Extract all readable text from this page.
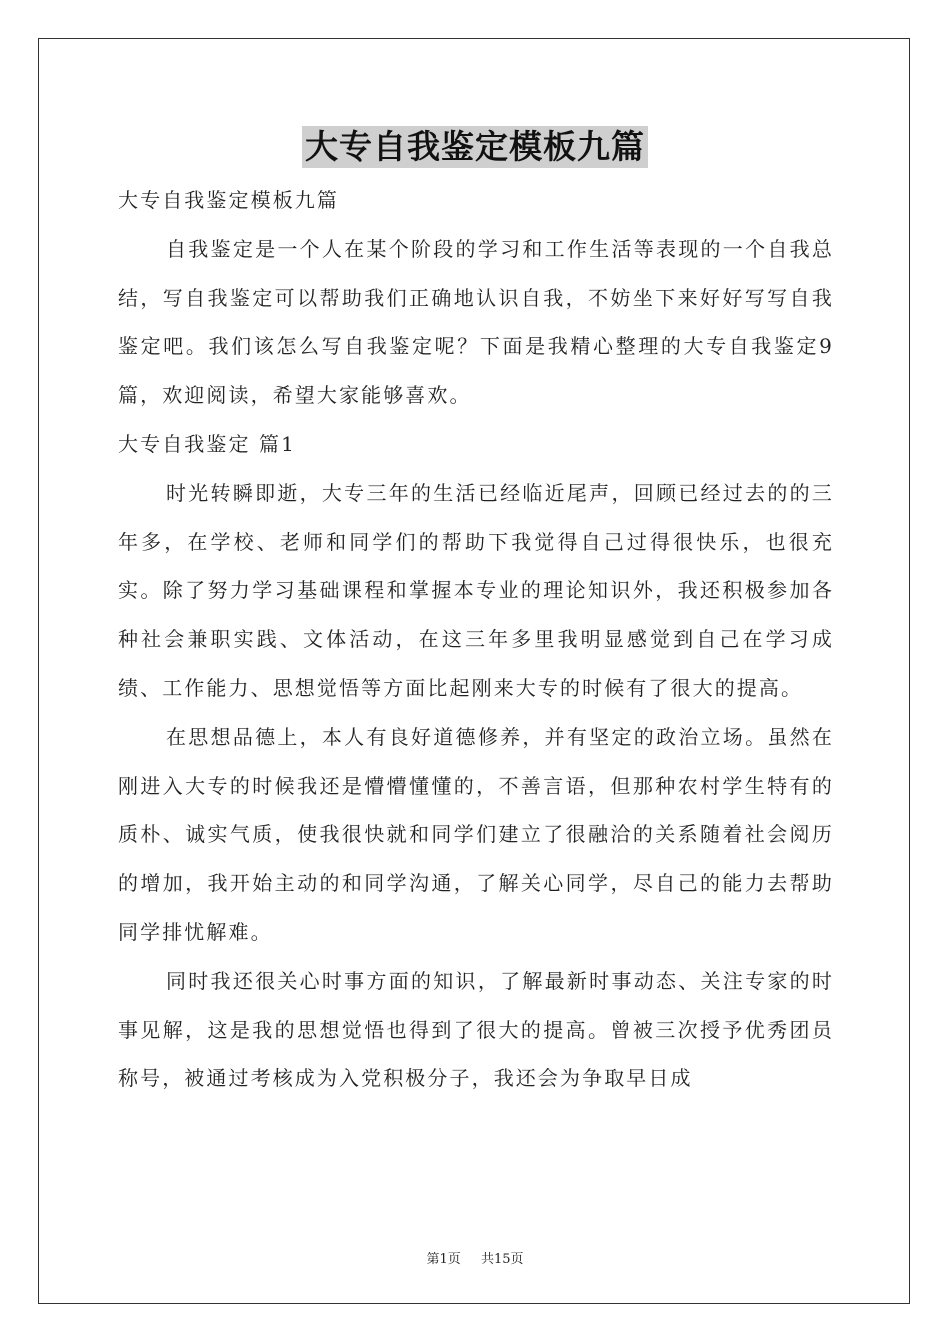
大专自我鉴定模板九篇

大专自我鉴定模板九篇

自我鉴定是一个人在某个阶段的学习和工作生活等表现的一个自我总结，写自我鉴定可以帮助我们正确地认识自我，不妨坐下来好好写写自我鉴定吧。我们该怎么写自我鉴定呢？下面是我精心整理的大专自我鉴定9篇，欢迎阅读，希望大家能够喜欢。

大专自我鉴定 篇1

时光转瞬即逝，大专三年的生活已经临近尾声，回顾已经过去的的三年多，在学校、老师和同学们的帮助下我觉得自己过得很快乐，也很充实。除了努力学习基础课程和掌握本专业的理论知识外，我还积极参加各种社会兼职实践、文体活动，在这三年多里我明显感觉到自己在学习成绩、工作能力、思想觉悟等方面比起刚来大专的时候有了很大的提高。

在思想品德上，本人有良好道德修养，并有坚定的政治立场。虽然在刚进入大专的时候我还是懵懵懂懂的，不善言语，但那种农村学生特有的质朴、诚实气质，使我很快就和同学们建立了很融洽的关系随着社会阅历的增加，我开始主动的和同学沟通，了解关心同学，尽自己的能力去帮助同学排忧解难。

同时我还很关心时事方面的知识，了解最新时事动态、关注专家的时事见解，这是我的思想觉悟也得到了很大的提高。曾被三次授予优秀团员称号，被通过考核成为入党积极分子，我还会为争取早日成

第1页 共15页
